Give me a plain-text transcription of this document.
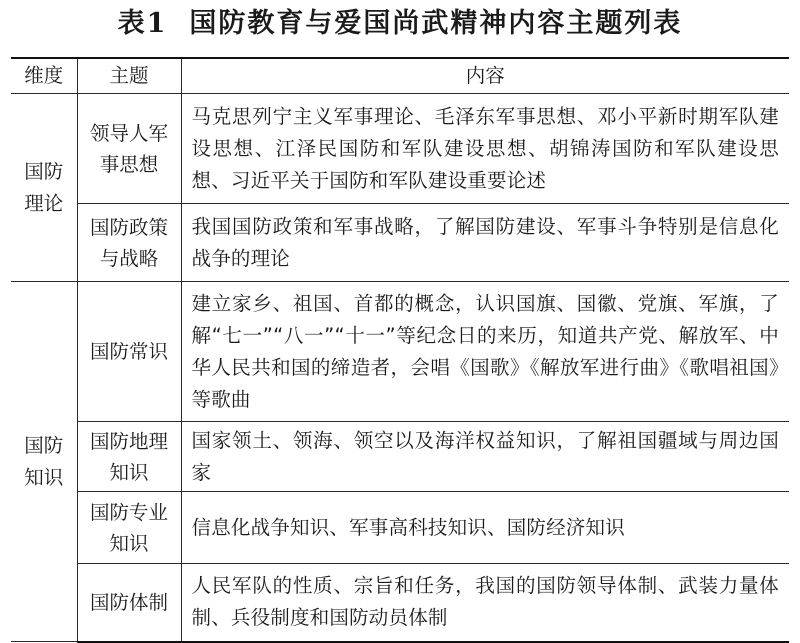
表1 国防教育与爱国尚武精神内容主题列表
维度	主题	内容
国防理论	领导人军事思想	马克思列宁主义军事理论、毛泽东军事思想、邓小平新时期军队建设思想、江泽民国防和军队建设思想、胡锦涛国防和军队建设思想、习近平关于国防和军队建设重要论述
	国防政策与战略	我国国防政策和军事战略，了解国防建设、军事斗争特别是信息化战争的理论
国防知识	国防常识	建立家乡、祖国、首都的概念，认识国旗、国徽、党旗、军旗，了解“七一”“八一”“十一”等纪念日的来历，知道共产党、解放军、中华人民共和国的缔造者，会唱《国歌》《解放军进行曲》《歌唱祖国》等歌曲
	国防地理知识	国家领土、领海、领空以及海洋权益知识，了解祖国疆域与周边国家
	国防专业知识	信息化战争知识、军事高科技知识、国防经济知识
	国防体制	人民军队的性质、宗旨和任务，我国的国防领导体制、武装力量体制、兵役制度和国防动员体制
